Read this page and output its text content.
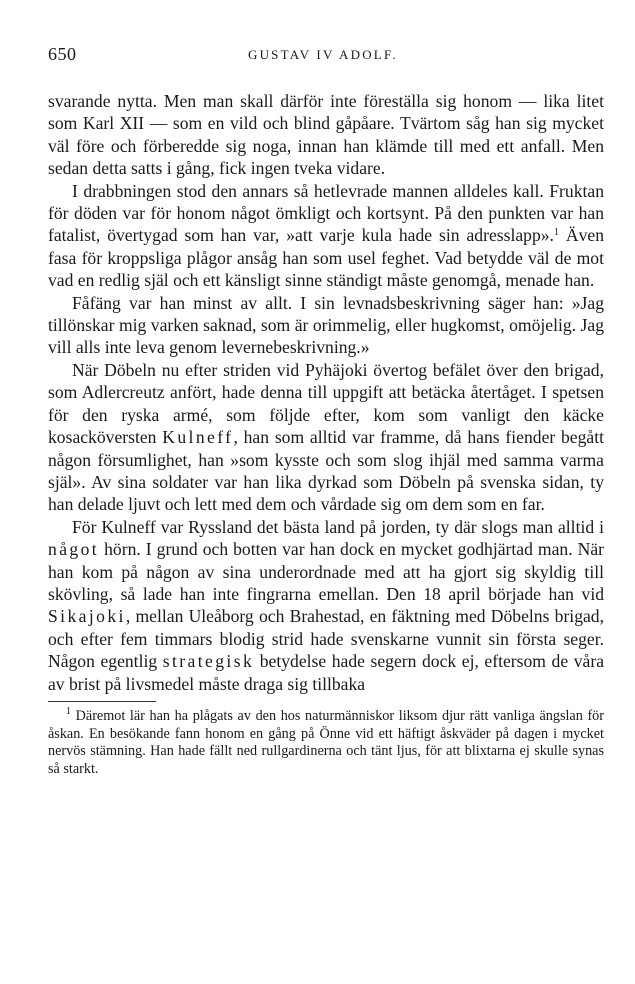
650	GUSTAV IV ADOLF.

svarande nytta. Men man skall därför inte föreställa sig honom — lika litet som Karl XII — som en vild och blind gåpåare. Tvärtom såg han sig mycket väl före och förberedde sig noga, innan han klämde till med ett anfall. Men sedan detta satts i gång, fick ingen tveka vidare.

I drabbningen stod den annars så hetlevrade mannen alldeles kall. Fruktan för döden var för honom något ömkligt och kortsynt. På den punkten var han fatalist, övertygad som han var, »att varje kula hade sin adresslapp».$^1$ Även fasa för kroppsliga plågor ansåg han som usel feghet. Vad betydde väl de mot vad en redlig själ och ett känsligt sinne ständigt måste genomgå, menade han.

Fåfäng var han minst av allt. I sin levnadsbeskrivning säger han: »Jag tillönskar mig varken saknad, som är orimmelig, eller hugkomst, omöjelig. Jag vill alls inte leva genom levernebeskrivning.»

När Döbeln nu efter striden vid Pyhäjoki övertog befälet över den brigad, som Adlercreutz anfört, hade denna till uppgift att betäcka återtåget. I spetsen för den ryska armé, som följde efter, kom som vanligt den käcke kosacköversten Kulneff, han som alltid var framme, då hans fiender begått någon försumlighet, han »som kysste och som slog ihjäl med samma varma själ». Av sina soldater var han lika dyrkad som Döbeln på svenska sidan, ty han delade ljuvt och lett med dem och vårdade sig om dem som en far.

För Kulneff var Ryssland det bästa land på jorden, ty där slogs man alltid i något hörn. I grund och botten var han dock en mycket godhjärtad man. När han kom på någon av sina underordnade med att ha gjort sig skyldig till skövling, så lade han inte fingrarna emellan. Den 18 april började han vid Sikajoki, mellan Uleåborg och Brahestad, en fäktning med Döbelns brigad, och efter fem timmars blodig strid hade svenskarne vunnit sin första seger. Någon egentlig strategisk betydelse hade segern dock ej, eftersom de våra av brist på livsmedel måste draga sig tillbaka

$^1$ Däremot lär han ha plågats av den hos naturmänniskor liksom djur rätt vanliga ängslan för åskan. En besökande fann honom en gång på Önne vid ett häftigt åskväder på dagen i mycket nervös stämning. Han hade fällt ned rullgardinerna och tänt ljus, för att blixtarna ej skulle synas så starkt.
